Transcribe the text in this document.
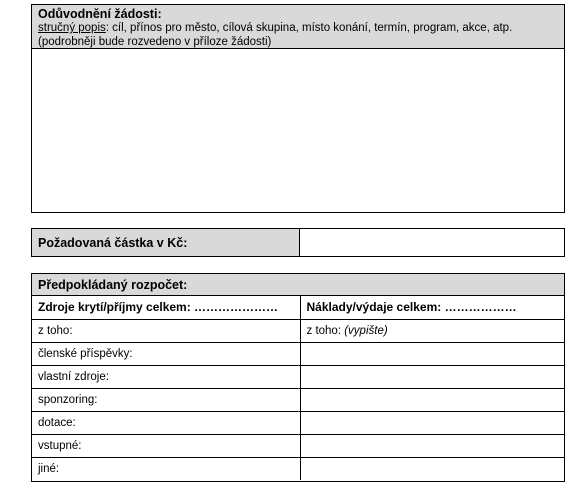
Odůvodnění žádosti:
stručný popis: cíl, přínos pro město, cílová skupina, místo konání, termín, program, akce, atp.
(podrobněji bude rozvedeno v příloze žádosti)
Požadovaná částka v Kč:
Předpokládaný rozpočet:
Zdroje krytí/příjmy celkem: …………………	Náklady/výdaje celkem: ………………
z toho:	z toho: (vypište)
členské příspěvky:	
vlastní zdroje:	
sponzoring:	
dotace:	
vstupné:	
jiné:	
